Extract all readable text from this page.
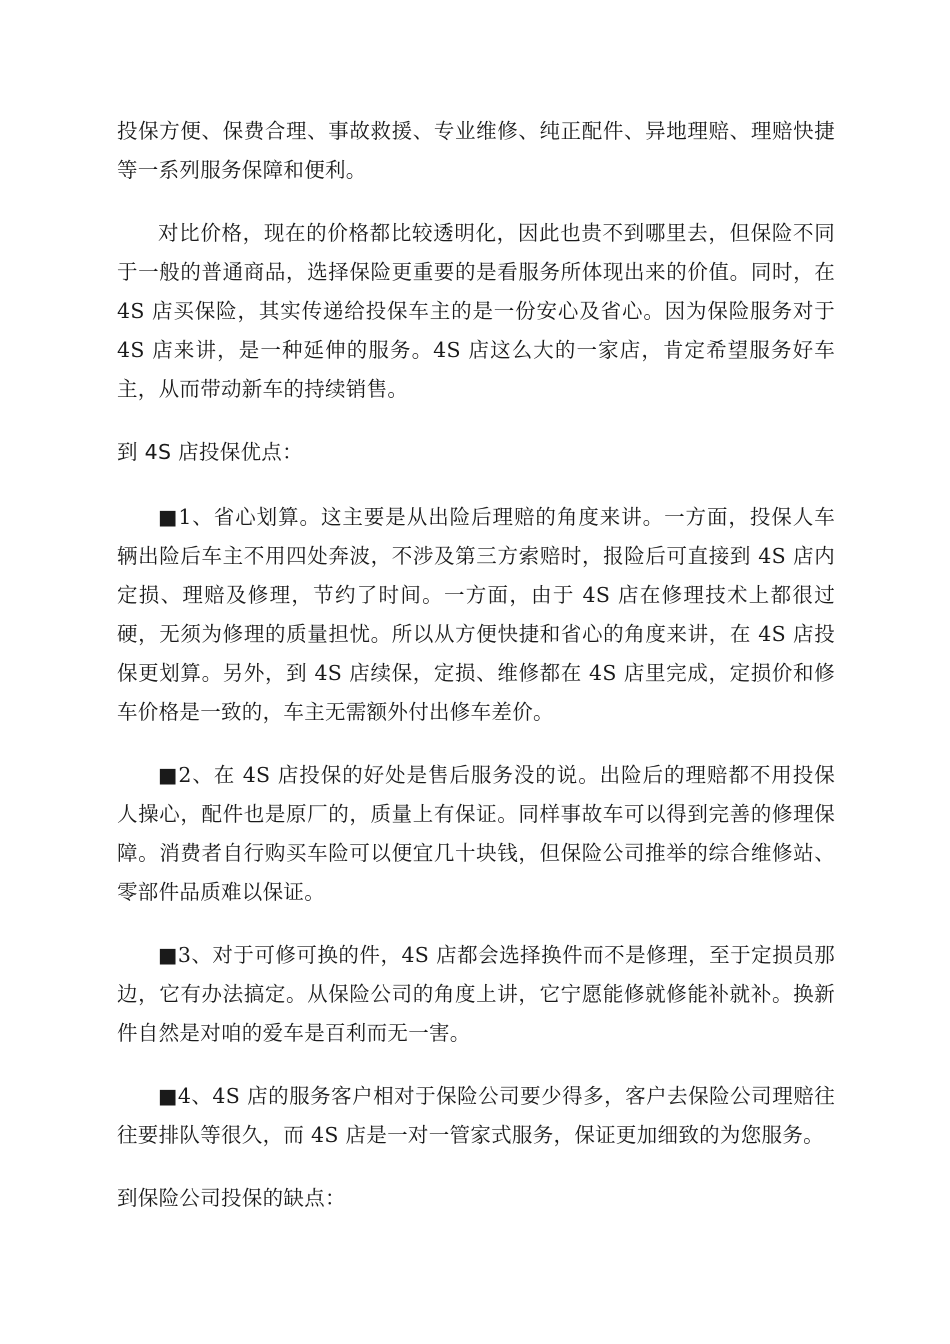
投保方便、保费合理、事故救援、专业维修、纯正配件、异地理赔、理赔快捷等一系列服务保障和便利。

对比价格，现在的价格都比较透明化，因此也贵不到哪里去，但保险不同于一般的普通商品，选择保险更重要的是看服务所体现出来的价值。同时，在 4S 店买保险，其实传递给投保车主的是一份安心及省心。因为保险服务对于 4S 店来讲，是一种延伸的服务。4S 店这么大的一家店，肯定希望服务好车主，从而带动新车的持续销售。

到 4S 店投保优点：

■1、省心划算。这主要是从出险后理赔的角度来讲。一方面，投保人车辆出险后车主不用四处奔波，不涉及第三方索赔时，报险后可直接到 4S 店内定损、理赔及修理，节约了时间。一方面，由于 4S 店在修理技术上都很过硬，无须为修理的质量担忧。所以从方便快捷和省心的角度来讲，在 4S 店投保更划算。另外，到 4S 店续保，定损、维修都在 4S 店里完成，定损价和修车价格是一致的，车主无需额外付出修车差价。

■2、在 4S 店投保的好处是售后服务没的说。出险后的理赔都不用投保人操心，配件也是原厂的，质量上有保证。同样事故车可以得到完善的修理保障。消费者自行购买车险可以便宜几十块钱，但保险公司推举的综合维修站、零部件品质难以保证。

■3、对于可修可换的件，4S 店都会选择换件而不是修理，至于定损员那边，它有办法搞定。从保险公司的角度上讲，它宁愿能修就修能补就补。换新件自然是对咱的爱车是百利而无一害。

■4、4S 店的服务客户相对于保险公司要少得多，客户去保险公司理赔往往要排队等很久，而 4S 店是一对一管家式服务，保证更加细致的为您服务。

到保险公司投保的缺点：
